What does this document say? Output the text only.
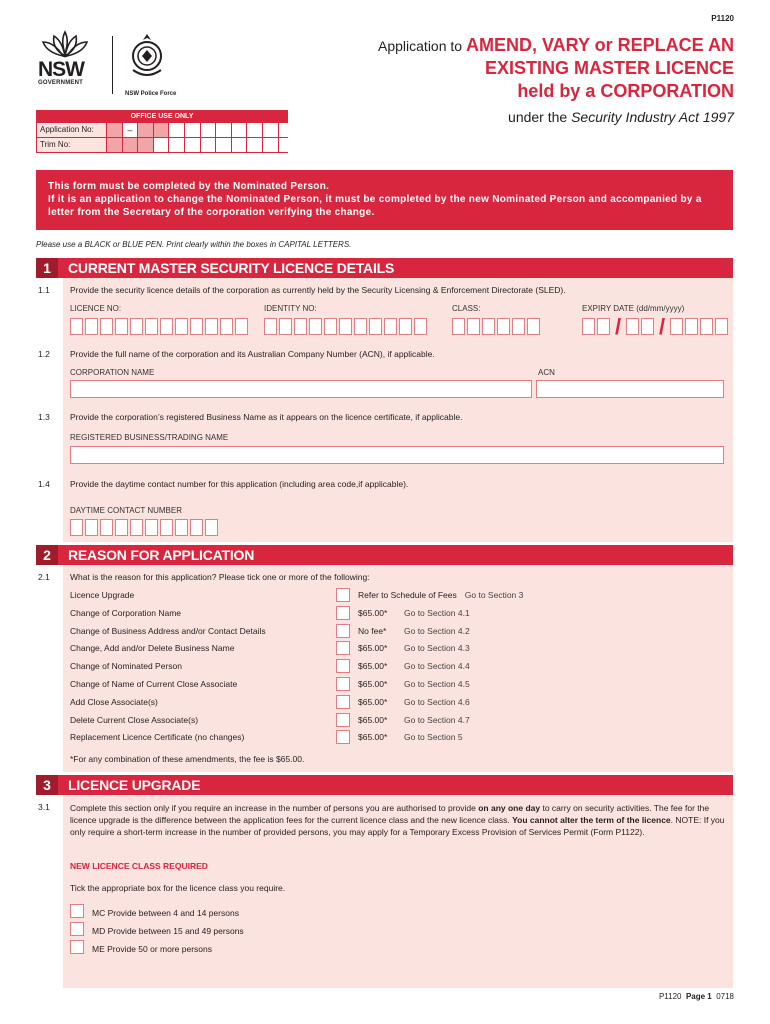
P1120
NSW
GOVERNMENT
NSW Police Force
Application to AMEND, VARY or REPLACE AN
EXISTING MASTER LICENCE
held by a CORPORATION
under the Security Industry Act 1997
OFFICE USE ONLY
Application No:	–
Trim No:
This form must be completed by the Nominated Person.
If it is an application to change the Nominated Person, it must be completed by the new Nominated Person and accompanied by a letter from the Secretary of the corporation verifying the change.
Please use a BLACK or BLUE PEN. Print clearly within the boxes in CAPITAL LETTERS.
1	CURRENT MASTER SECURITY LICENCE DETAILS
1.1 Provide the security licence details of the corporation as currently held by the Security Licensing & Enforcement Directorate (SLED).
LICENCE NO:	IDENTITY NO:	CLASS:	EXPIRY DATE (dd/mm/yyyy)
/ /
1.2 Provide the full name of the corporation and its Australian Company Number (ACN), if applicable.
CORPORATION NAME	ACN
1.3 Provide the corporation’s registered Business Name as it appears on the licence certificate, if applicable.
REGISTERED BUSINESS/TRADING NAME
1.4 Provide the daytime contact number for this application (including area code,if applicable).
DAYTIME CONTACT NUMBER
2	REASON FOR APPLICATION
2.1 What is the reason for this application? Please tick one or more of the following:
Licence Upgrade	Refer to Schedule of Fees Go to Section 3
Change of Corporation Name	$65.00*	Go to Section 4.1
Change of Business Address and/or Contact Details	No fee*	Go to Section 4.2
Change, Add and/or Delete Business Name	$65.00*	Go to Section 4.3
Change of Nominated Person	$65.00*	Go to Section 4.4
Change of Name of Current Close Associate	$65.00*	Go to Section 4.5
Add Close Associate(s)	$65.00*	Go to Section 4.6
Delete Current Close Associate(s)	$65.00*	Go to Section 4.7
Replacement Licence Certificate (no changes)	$65.00*	Go to Section 5
*For any combination of these amendments, the fee is $65.00.
3	LICENCE UPGRADE
3.1 Complete this section only if you require an increase in the number of persons you are authorised to provide on any one day to carry on security activities. The fee for the licence upgrade is the difference between the application fees for the current licence class and the new licence class. You cannot alter the term of the licence. NOTE: If you only require a short-term increase in the number of provided persons, you may apply for a Temporary Excess Provision of Services Permit (Form P1122).
NEW LICENCE CLASS REQUIRED
Tick the appropriate box for the licence class you require.
MC Provide between 4 and 14 persons
MD Provide between 15 and 49 persons
ME Provide 50 or more persons
P1120 Page 1 0718
